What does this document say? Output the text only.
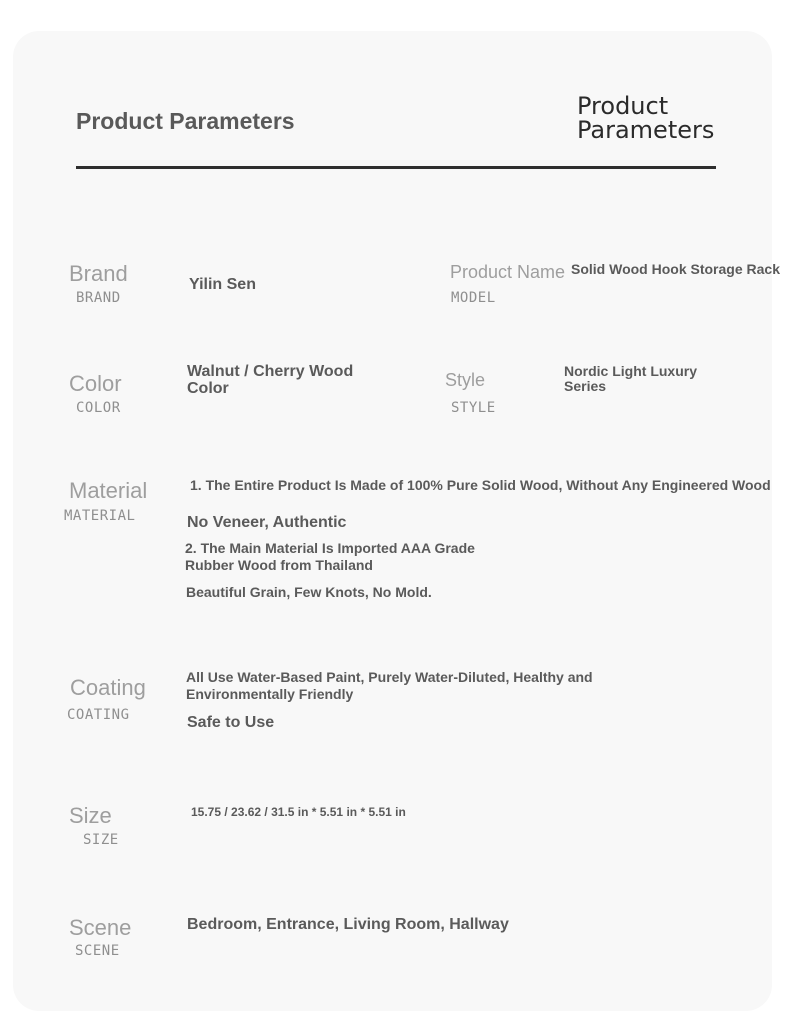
Product Parameters
Product Parameters
Brand
BRAND
Yilin Sen
Product Name
MODEL
Solid Wood Hook Storage Rack
Color
COLOR
Walnut / Cherry Wood Color	Style
STYLE
Nordic Light Luxury Series
Material
MATERIAL
1. The Entire Product Is Made of 100% Pure Solid Wood, Without Any Engineered Wood
No Veneer, Authentic
2. The Main Material Is Imported AAA Grade Rubber Wood from Thailand
Beautiful Grain, Few Knots, No Mold.
Coating
COATING
All Use Water-Based Paint, Purely Water-Diluted, Healthy and Environmentally Friendly
Safe to Use
Size
SIZE
15.75 / 23.62 / 31.5 in * 5.51 in * 5.51 in
Scene
SCENE
Bedroom, Entrance, Living Room, Hallway
